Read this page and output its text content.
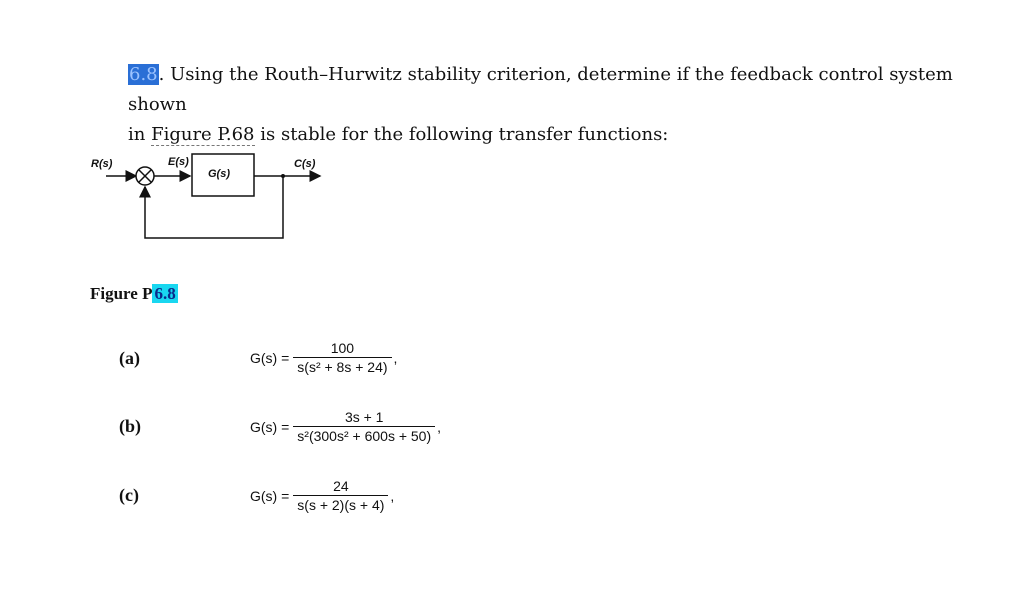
6.8. Using the Routh–Hurwitz stability criterion, determine if the feedback control system shown
in Figure P.68 is stable for the following transfer functions:
R(s)	E(s)
G(s)
C(s)
Figure P 6.8
(a)	$G(s) = \frac{100}{\text{s(s² + 8s + 24)}}$ ,
(b)	$G(s) = \frac{3s + 1}{\text{s²(300s² + 600s + 50)}}$ ,
(c)	$G(s) = \frac{24}{s(s + 2)(s + 4)}$ ,
